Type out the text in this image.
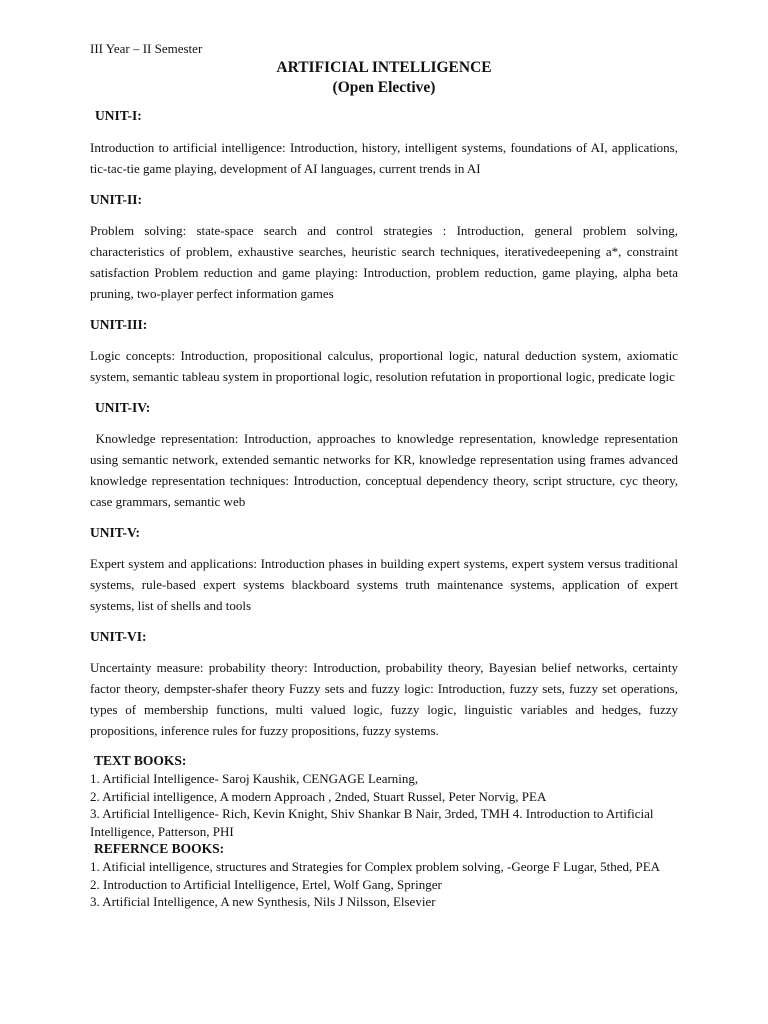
III Year – II Semester

ARTIFICIAL INTELLIGENCE

(Open Elective)

UNIT-I:

Introduction to artificial intelligence: Introduction, history, intelligent systems, foundations of AI, applications, tic-tac-tie game playing, development of AI languages, current trends in AI

UNIT-II:

Problem solving: state-space search and control strategies : Introduction, general problem solving, characteristics of problem, exhaustive searches, heuristic search techniques, iterativedeepening a*, constraint satisfaction Problem reduction and game playing: Introduction, problem reduction, game playing, alpha beta pruning, two-player perfect information games

UNIT-III:

Logic concepts: Introduction, propositional calculus, proportional logic, natural deduction system, axiomatic system, semantic tableau system in proportional logic, resolution refutation in proportional logic, predicate logic

UNIT-IV:

Knowledge representation: Introduction, approaches to knowledge representation, knowledge representation using semantic network, extended semantic networks for KR, knowledge representation using frames advanced knowledge representation techniques: Introduction, conceptual dependency theory, script structure, cyc theory, case grammars, semantic web

UNIT-V:

Expert system and applications: Introduction phases in building expert systems, expert system versus traditional systems, rule-based expert systems blackboard systems truth maintenance systems, application of expert systems, list of shells and tools

UNIT-VI:

Uncertainty measure: probability theory: Introduction, probability theory, Bayesian belief networks, certainty factor theory, dempster-shafer theory Fuzzy sets and fuzzy logic: Introduction, fuzzy sets, fuzzy set operations, types of membership functions, multi valued logic, fuzzy logic, linguistic variables and hedges, fuzzy propositions, inference rules for fuzzy propositions, fuzzy systems.

TEXT BOOKS:

1. Artificial Intelligence- Saroj Kaushik, CENGAGE Learning,
2. Artificial intelligence, A modern Approach , 2nded, Stuart Russel, Peter Norvig, PEA
3. Artificial Intelligence- Rich, Kevin Knight, Shiv Shankar B Nair, 3rded, TMH 4. Introduction to Artificial Intelligence, Patterson, PHI

REFERNCE BOOKS:

1. Atificial intelligence, structures and Strategies for Complex problem solving, -George F Lugar, 5thed, PEA
2. Introduction to Artificial Intelligence, Ertel, Wolf Gang, Springer
3. Artificial Intelligence, A new Synthesis, Nils J Nilsson, Elsevier
